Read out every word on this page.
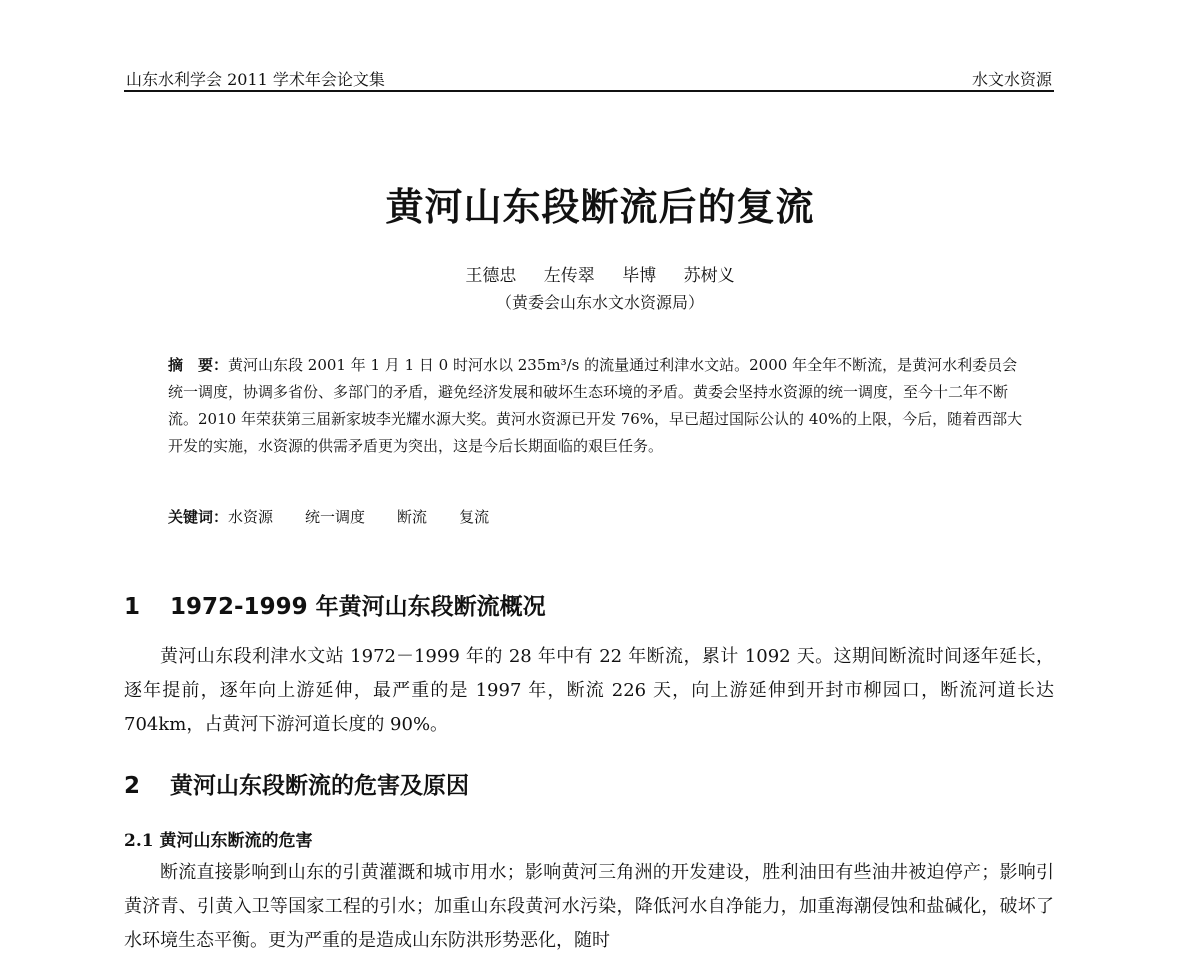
山东水利学会 2011 学术年会论文集	水文水资源
黄河山东段断流后的复流
王德忠 左传翠 毕博 苏树义
（黄委会山东水文水资源局）
摘　要：黄河山东段 2001 年 1 月 1 日 0 时河水以 235m³/s 的流量通过利津水文站。2000 年全年不断流，是黄河水利委员会统一调度，协调多省份、多部门的矛盾，避免经济发展和破坏生态环境的矛盾。黄委会坚持水资源的统一调度，至今十二年不断流。2010 年荣获第三届新家坡李光耀水源大奖。黄河水资源已开发 76%，早已超过国际公认的 40%的上限，今后，随着西部大开发的实施，水资源的供需矛盾更为突出，这是今后长期面临的艰巨任务。
关键词：水资源 统一调度 断流 复流
1 1972-1999 年黄河山东段断流概况
黄河山东段利津水文站 1972－1999 年的 28 年中有 22 年断流，累计 1092 天。这期间断流时间逐年延长，逐年提前，逐年向上游延伸，最严重的是 1997 年，断流 226 天，向上游延伸到开封市柳园口，断流河道长达 704km，占黄河下游河道长度的 90%。
2 黄河山东段断流的危害及原因
2.1 黄河山东断流的危害
断流直接影响到山东的引黄灌溉和城市用水；影响黄河三角洲的开发建设，胜利油田有些油井被迫停产；影响引黄济青、引黄入卫等国家工程的引水；加重山东段黄河水污染，降低河水自净能力，加重海潮侵蚀和盐碱化，破坏了水环境生态平衡。更为严重的是造成山东防洪形势恶化，随时
